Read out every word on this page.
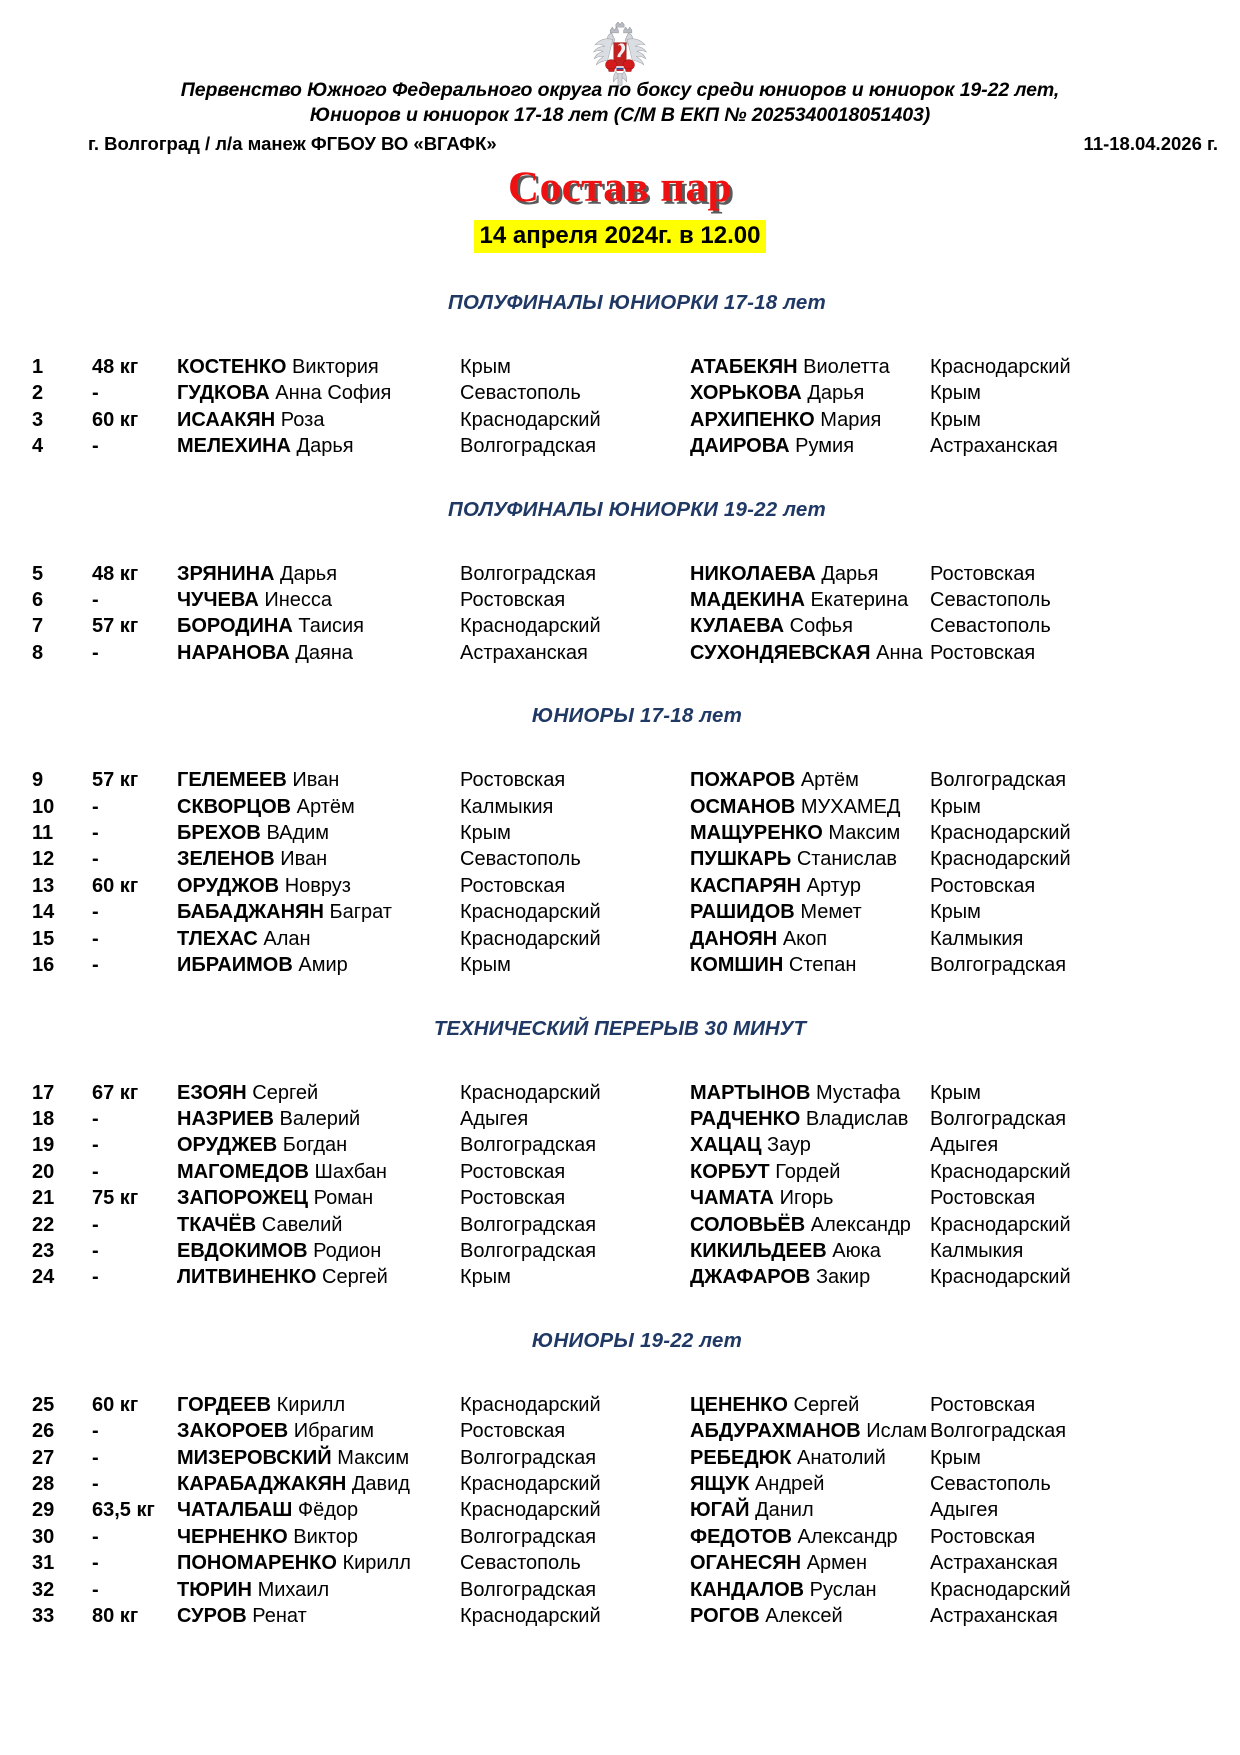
Первенство Южного Федерального округа по боксу среди юниоров и юниорок 19-22 лет,
Юниоров и юниорок 17-18 лет (С/М В ЕКП № 2025340018051403)
г. Волгоград / л/а манеж ФГБОУ ВО «ВГАФК»	11-18.04.2026 г.
Состав пар
14 апреля 2024г. в 12.00
ПОЛУФИНАЛЫ ЮНИОРКИ 17-18 лет
1	48 кг	КОСТЕНКО Виктория	Крым	АТАБЕКЯН Виолетта	Краснодарский
2	-	ГУДКОВА Анна София	Севастополь	ХОРЬКОВА Дарья	Крым
3	60 кг	ИСААКЯН Роза	Краснодарский	АРХИПЕНКО Мария	Крым
4	-	МЕЛЕХИНА Дарья	Волгоградская	ДАИРОВА Румия	Астраханская
ПОЛУФИНАЛЫ ЮНИОРКИ 19-22 лет
5	48 кг	ЗРЯНИНА Дарья	Волгоградская	НИКОЛАЕВА Дарья	Ростовская
6	-	ЧУЧЕВА Инесса	Ростовская	МАДЕКИНА Екатерина	Севастополь
7	57 кг	БОРОДИНА Таисия	Краснодарский	КУЛАЕВА Софья	Севастополь
8	-	НАРАНОВА Даяна	Астраханская	СУХОНДЯЕВСКАЯ Анна	Ростовская
ЮНИОРЫ 17-18 лет
9	57 кг	ГЕЛЕМЕЕВ Иван	Ростовская	ПОЖАРОВ Артём	Волгоградская
10	-	СКВОРЦОВ Артём	Калмыкия	ОСМАНОВ МУХАМЕД	Крым
11	-	БРЕХОВ ВАдим	Крым	МАЩУРЕНКО Максим	Краснодарский
12	-	ЗЕЛЕНОВ Иван	Севастополь	ПУШКАРЬ Станислав	Краснодарский
13	60 кг	ОРУДЖОВ Новруз	Ростовская	КАСПАРЯН Артур	Ростовская
14	-	БАБАДЖАНЯН Баграт	Краснодарский	РАШИДОВ Мемет	Крым
15	-	ТЛЕХАС Алан	Краснодарский	ДАНОЯН Акоп	Калмыкия
16	-	ИБРАИМОВ Амир	Крым	КОМШИН Степан	Волгоградская
ТЕХНИЧЕСКИЙ ПЕРЕРЫВ 30 МИНУТ
17	67 кг	ЕЗОЯН Сергей	Краснодарский	МАРТЫНОВ Мустафа	Крым
18	-	НАЗРИЕВ Валерий	Адыгея	РАДЧЕНКО Владислав	Волгоградская
19	-	ОРУДЖЕВ Богдан	Волгоградская	ХАЦАЦ Заур	Адыгея
20	-	МАГОМЕДОВ Шахбан	Ростовская	КОРБУТ Гордей	Краснодарский
21	75 кг	ЗАПОРОЖЕЦ Роман	Ростовская	ЧАМАТА Игорь	Ростовская
22	-	ТКАЧЁВ Савелий	Волгоградская	СОЛОВЬЁВ Александр	Краснодарский
23	-	ЕВДОКИМОВ Родион	Волгоградская	КИКИЛЬДЕЕВ Аюка	Калмыкия
24	-	ЛИТВИНЕНКО Сергей	Крым	ДЖАФАРОВ Закир	Краснодарский
ЮНИОРЫ 19-22 лет
25	60 кг	ГОРДЕЕВ Кирилл	Краснодарский	ЦЕНЕНКО Сергей	Ростовская
26	-	ЗАКОРОЕВ Ибрагим	Ростовская	АБДУРАХМАНОВ Ислам	Волгоградская
27	-	МИЗЕРОВСКИЙ Максим	Волгоградская	РЕБЕДЮК Анатолий	Крым
28	-	КАРАБАДЖАКЯН Давид	Краснодарский	ЯЩУК Андрей	Севастополь
29	63,5 кг	ЧАТАЛБАШ Фёдор	Краснодарский	ЮГАЙ Данил	Адыгея
30	-	ЧЕРНЕНКО Виктор	Волгоградская	ФЕДОТОВ Александр	Ростовская
31	-	ПОНОМАРЕНКО Кирилл	Севастополь	ОГАНЕСЯН Армен	Астраханская
32	-	ТЮРИН Михаил	Волгоградская	КАНДАЛОВ Руслан	Краснодарский
33	80 кг	СУРОВ Ренат	Краснодарский	РОГОВ Алексей	Астраханская
